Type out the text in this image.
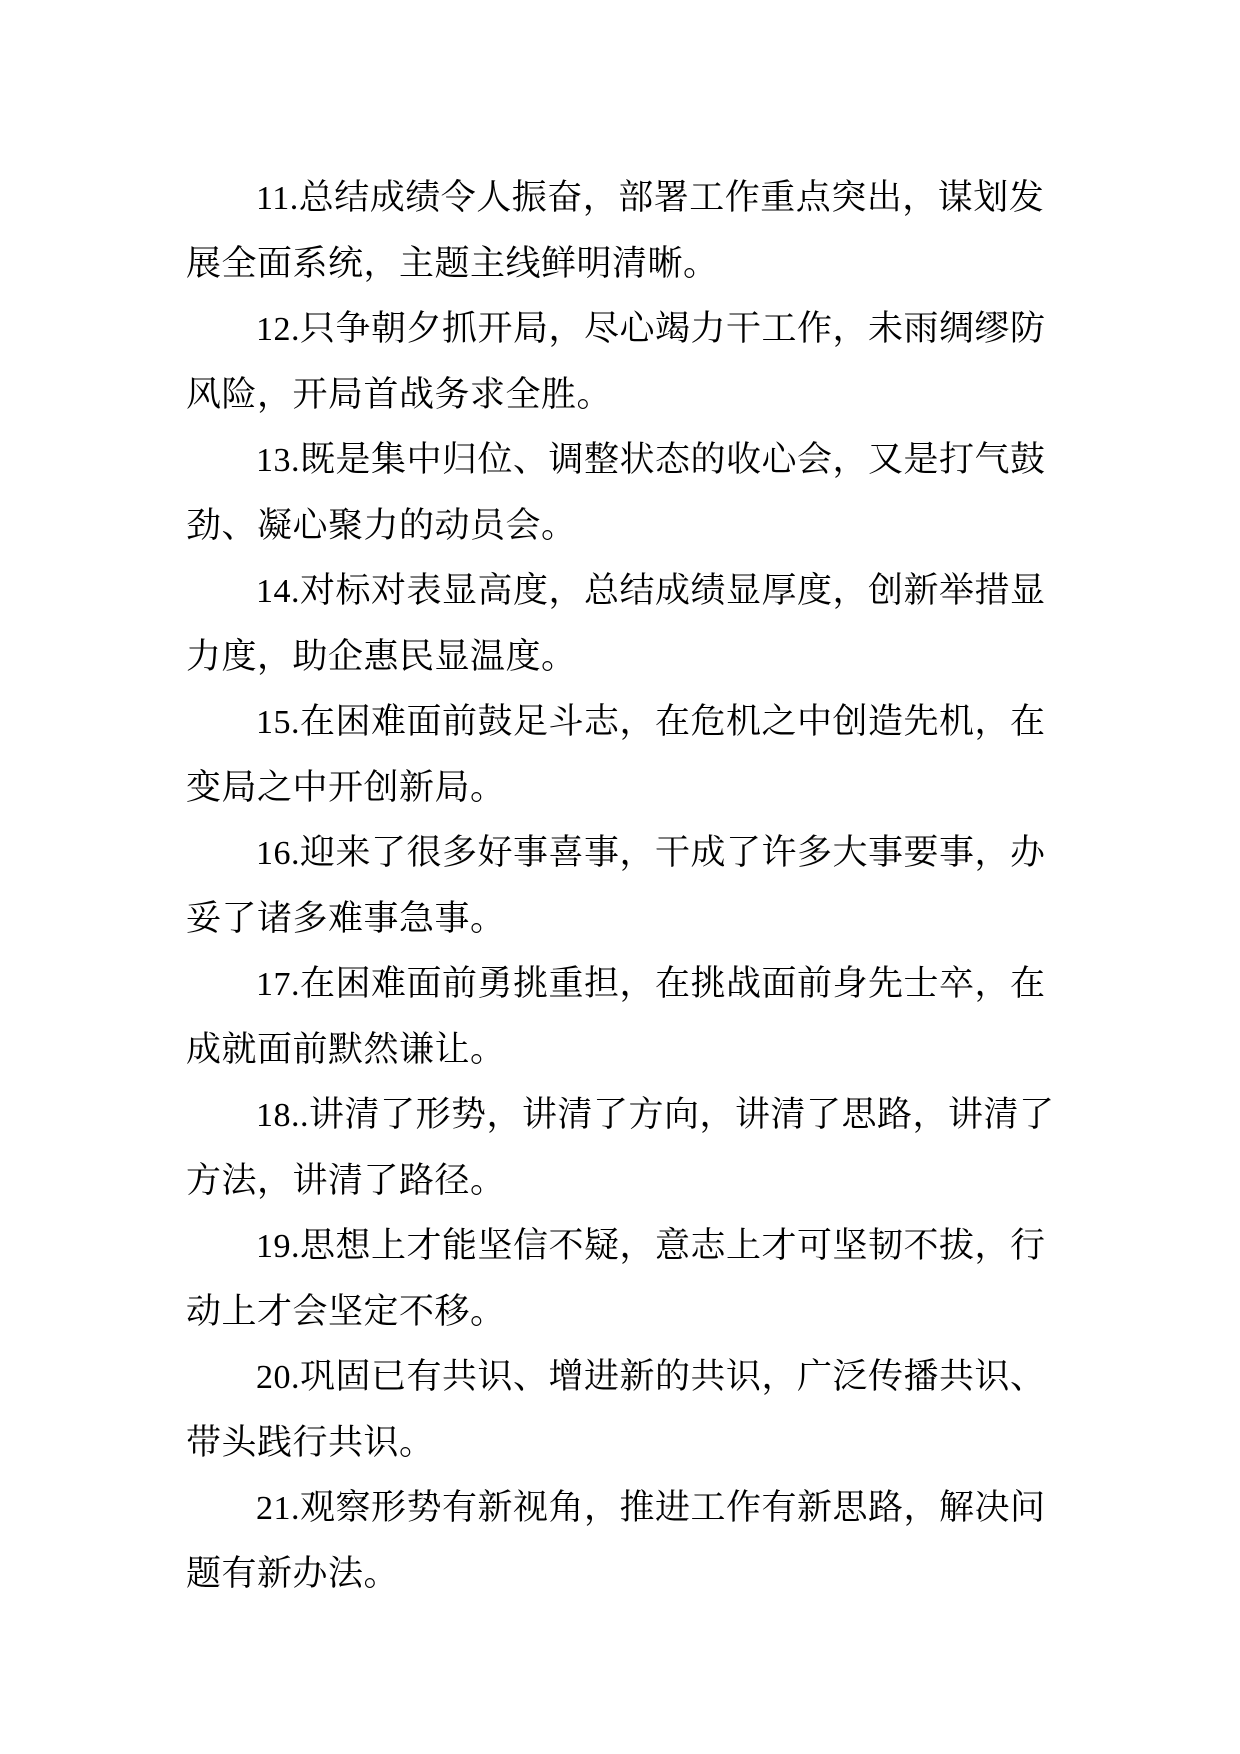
11.总结成绩令人振奋，部署工作重点突出，谋划发展全面系统，主题主线鲜明清晰。

12.只争朝夕抓开局，尽心竭力干工作，未雨绸缪防风险，开局首战务求全胜。

13.既是集中归位、调整状态的收心会，又是打气鼓劲、凝心聚力的动员会。

14.对标对表显高度，总结成绩显厚度，创新举措显力度，助企惠民显温度。

15.在困难面前鼓足斗志，在危机之中创造先机，在变局之中开创新局。

16.迎来了很多好事喜事，干成了许多大事要事，办妥了诸多难事急事。

17.在困难面前勇挑重担，在挑战面前身先士卒，在成就面前默然谦让。

18..讲清了形势，讲清了方向，讲清了思路，讲清了方法，讲清了路径。

19.思想上才能坚信不疑，意志上才可坚韧不拔，行动上才会坚定不移。

20.巩固已有共识、增进新的共识，广泛传播共识、带头践行共识。

21.观察形势有新视角，推进工作有新思路，解决问题有新办法。
